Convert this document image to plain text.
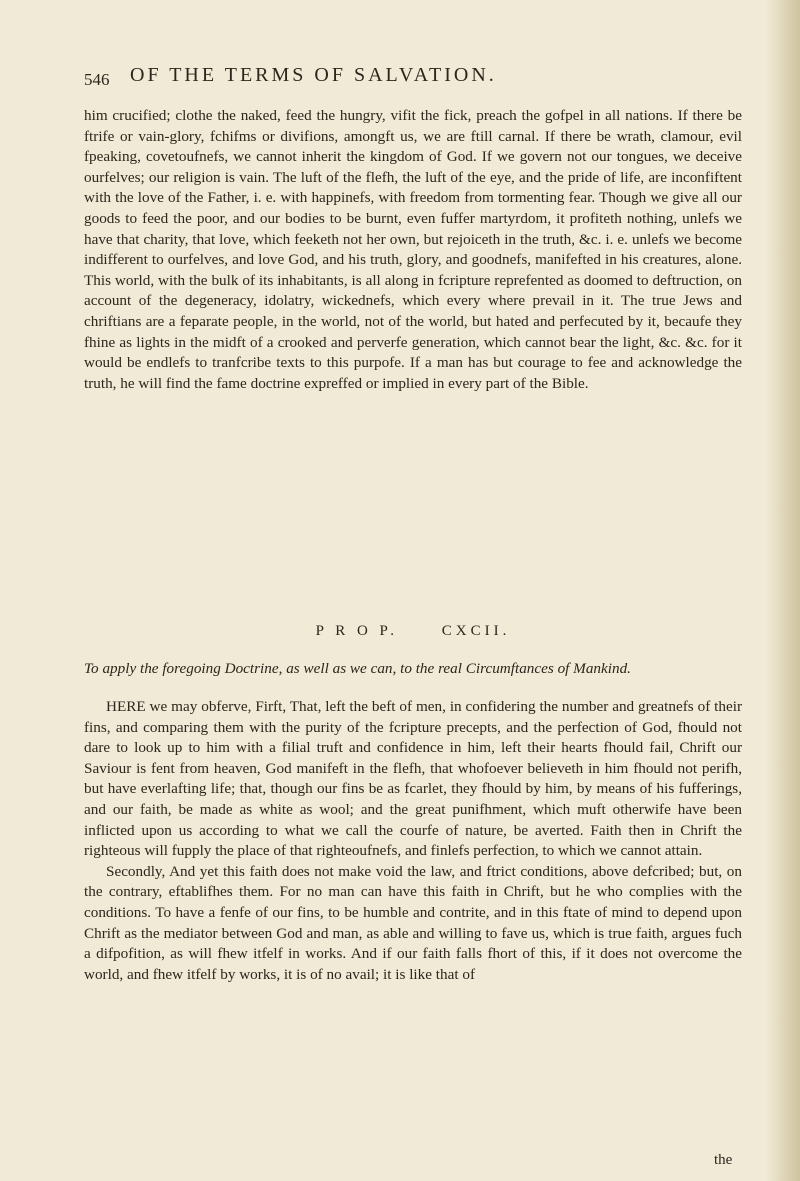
546 OF THE TERMS OF SALVATION.

him crucified; clothe the naked, feed the hungry, vifit the fick, preach the gofpel in all nations. If there be ftrife or vain-glory, fchifms or divifions, amongft us, we are ftill carnal. If there be wrath, clamour, evil fpeaking, covetoufnefs, we cannot inherit the kingdom of God. If we govern not our tongues, we deceive ourfelves; our religion is vain. The luft of the flefh, the luft of the eye, and the pride of life, are inconfiftent with the love of the Father, i. e. with happinefs, with freedom from tormenting fear. Though we give all our goods to feed the poor, and our bodies to be burnt, even fuffer martyrdom, it profiteth nothing, unlefs we have that charity, that love, which feeketh not her own, but rejoiceth in the truth, &c. i. e. unlefs we become indifferent to ourfelves, and love God, and his truth, glory, and goodnefs, manifefted in his creatures, alone. This world, with the bulk of its inhabitants, is all along in fcripture reprefented as doomed to deftruction, on account of the degeneracy, idolatry, wickednefs, which every where prevail in it. The true Jews and chriftians are a feparate people, in the world, not of the world, but hated and perfecuted by it, becaufe they fhine as lights in the midft of a crooked and perverfe generation, which cannot bear the light, &c. &c. for it would be endlefs to tranfcribe texts to this purpofe. If a man has but courage to fee and acknowledge the truth, he will find the fame doctrine expreffed or implied in every part of the Bible.

P R O P.	CXCII.
To apply the foregoing Doctrine, as well as we can, to the real Circumftances of Mankind.

HERE we may obferve, Firft, That, left the beft of men, in confidering the number and greatnefs of their fins, and comparing them with the purity of the fcripture precepts, and the perfection of God, fhould not dare to look up to him with a filial truft and confidence in him, left their hearts fhould fail, Chrift our Saviour is fent from heaven, God manifeft in the flefh, that whofoever believeth in him fhould not perifh, but have everlafting life; that, though our fins be as fcarlet, they fhould by him, by means of his fufferings, and our faith, be made as white as wool; and the great punifhment, which muft otherwife have been inflicted upon us according to what we call the courfe of nature, be averted. Faith then in Chrift the righteous will fupply the place of that righteoufnefs, and finlefs perfection, to which we cannot attain.

Secondly, And yet this faith does not make void the law, and ftrict conditions, above defcribed; but, on the contrary, eftablifhes them. For no man can have this faith in Chrift, but he who complies with the conditions. To have a fenfe of our fins, to be humble and contrite, and in this ftate of mind to depend upon Chrift as the mediator between God and man, as able and willing to fave us, which is true faith, argues fuch a difpofition, as will fhew itfelf in works. And if our faith falls fhort of this, if it does not overcome the world, and fhew itfelf by works, it is of no avail; it is like that of

the
